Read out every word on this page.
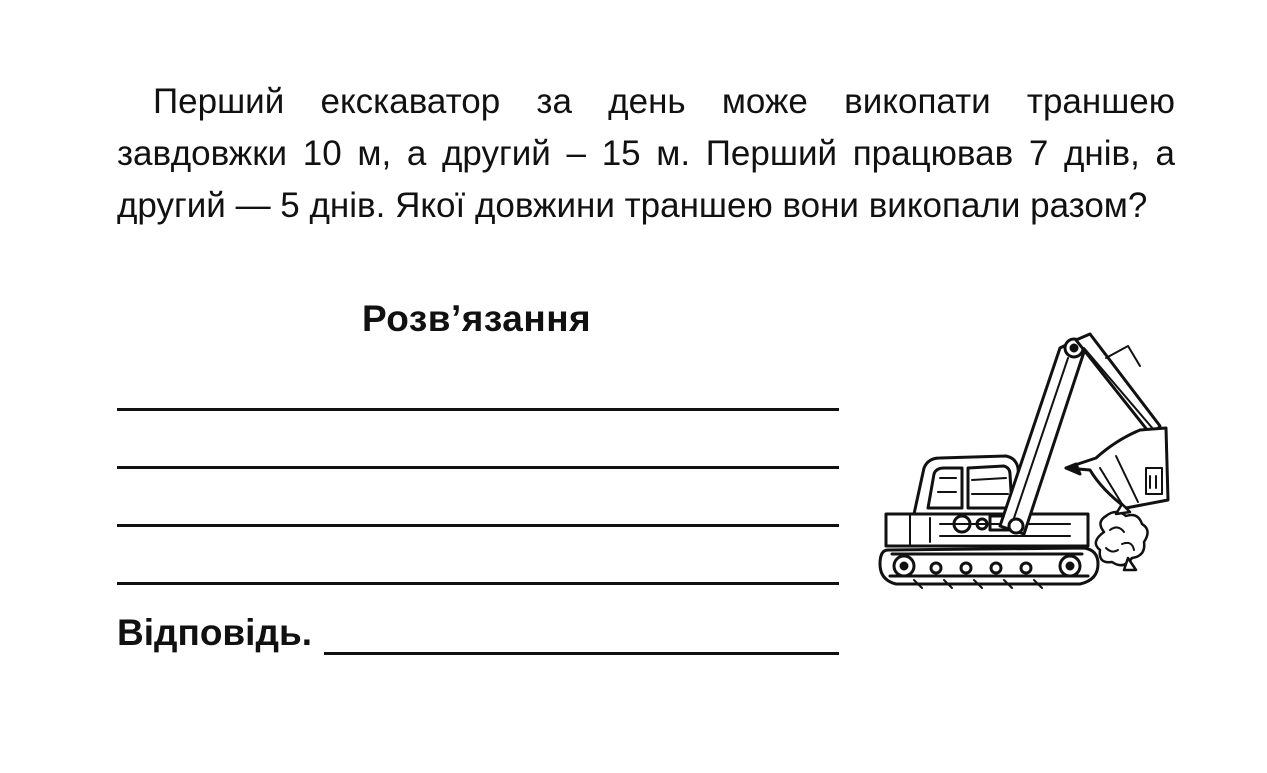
Перший екскаватор за день може викопати траншею завдовжки 10 м, а другий – 15 м. Перший працював 7 днів, а другий — 5 днів. Якої довжини траншею вони викопали разом?

Розв’язання

Відповідь.
